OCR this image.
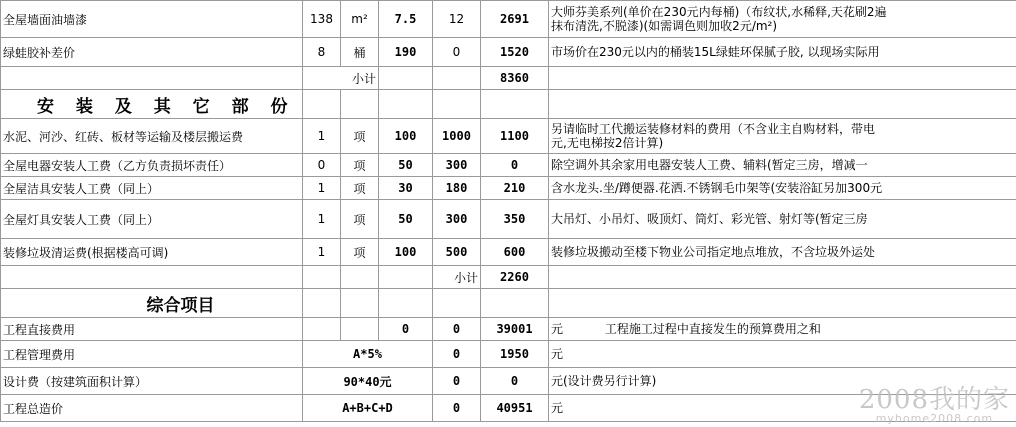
全屋墙面油墙漆	138	m²	7.5	12	2691	大师芬美系列(单价在230元内每桶)（布纹状,水稀释,天花刷2遍
抹布清洗,不脱漆)(如需调色则加收2元/m²)

绿蛙胶补差价	8	桶	190	0	1520	市场价在230元以内的桶装15L绿蛙环保腻子胶, 以现场实际用
	小计				8360	
安 装 及 其 它 部 份						
水泥、河沙、红砖、板材等运输及楼层搬运费	1	项	100	1000	1100	另请临时工代搬运装修材料的费用（不含业主自购材料，带电
元,无电梯按2倍计算)

全屋电器安装人工费（乙方负责损坏责任）	0	项	50	300	0	除空调外其余家用电器安装人工费、辅料(暂定三房，增减一
全屋洁具安装人工费（同上）	1	项	30	180	210	含水龙头.坐/蹲便器.花洒.不锈钢毛巾架等(安装浴缸另加300元
全屋灯具安装人工费（同上）	1	项	50	300	350	大吊灯、小吊灯、吸顶灯、筒灯、彩光管、射灯等(暂定三房
装修垃圾清运费(根据楼高可调)	1	项	100	500	600	装修垃圾搬动至楼下物业公司指定地点堆放，不含垃圾外运处
				小计	2260	
综合项目						
工程直接费用			0	0	39001	元 工程施工过程中直接发生的预算费用之和
工程管理费用	A*5%			0	1950	元
设计费（按建筑面积计算）	90*40元			0	0	元(设计费另行计算)
工程总造价	A+B+C+D			0	40951	元	2008我的家
myhome2008.com
